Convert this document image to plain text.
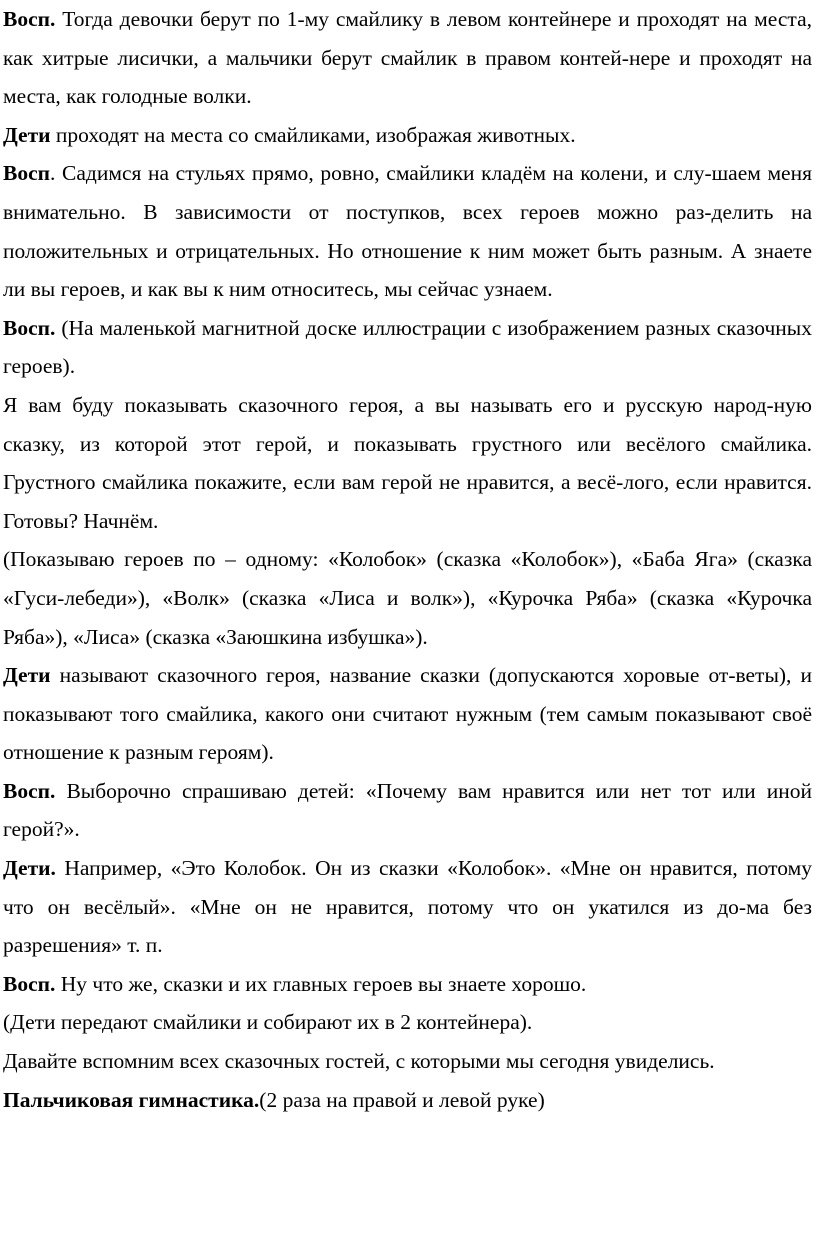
Восп. Тогда девочки берут по 1-му смайлику в левом контейнере и проходят на места, как хитрые лисички, а мальчики берут смайлик в правом контей-нере и проходят на места, как голодные волки.

Дети проходят на места со смайликами, изображая животных.

Восп. Садимся на стульях прямо, ровно, смайлики кладём на колени, и слу-шаем меня внимательно. В зависимости от поступков, всех героев можно раз-делить на положительных и отрицательных. Но отношение к ним может быть разным. А знаете ли вы героев, и как вы к ним относитесь, мы сейчас узнаем.

Восп. (На маленькой магнитной доске иллюстрации с изображением разных сказочных героев).

Я вам буду показывать сказочного героя, а вы называть его и русскую народ-ную сказку, из которой этот герой, и показывать грустного или весёлого смайлика. Грустного смайлика покажите, если вам герой не нравится, а весё-лого, если нравится. Готовы? Начнём.

(Показываю героев по – одному: «Колобок» (сказка «Колобок»), «Баба Яга» (сказка «Гуси-лебеди»), «Волк» (сказка «Лиса и волк»), «Курочка Ряба» (сказка «Курочка Ряба»), «Лиса» (сказка «Заюшкина избушка»).

Дети называют сказочного героя, название сказки (допускаются хоровые от-веты), и показывают того смайлика, какого они считают нужным (тем самым показывают своё отношение к разным героям).

Восп. Выборочно спрашиваю детей: «Почему вам нравится или нет тот или иной герой?».

Дети. Например, «Это Колобок. Он из сказки «Колобок». «Мне он нравится, потому что он весёлый». «Мне он не нравится, потому что он укатился из до-ма без разрешения» т. п.

Восп. Ну что же, сказки и их главных героев вы знаете хорошо.

(Дети передают смайлики и собирают их в 2 контейнера).

Давайте вспомним всех сказочных гостей, с которыми мы сегодня увиделись.

Пальчиковая гимнастика.(2 раза на правой и левой руке)
